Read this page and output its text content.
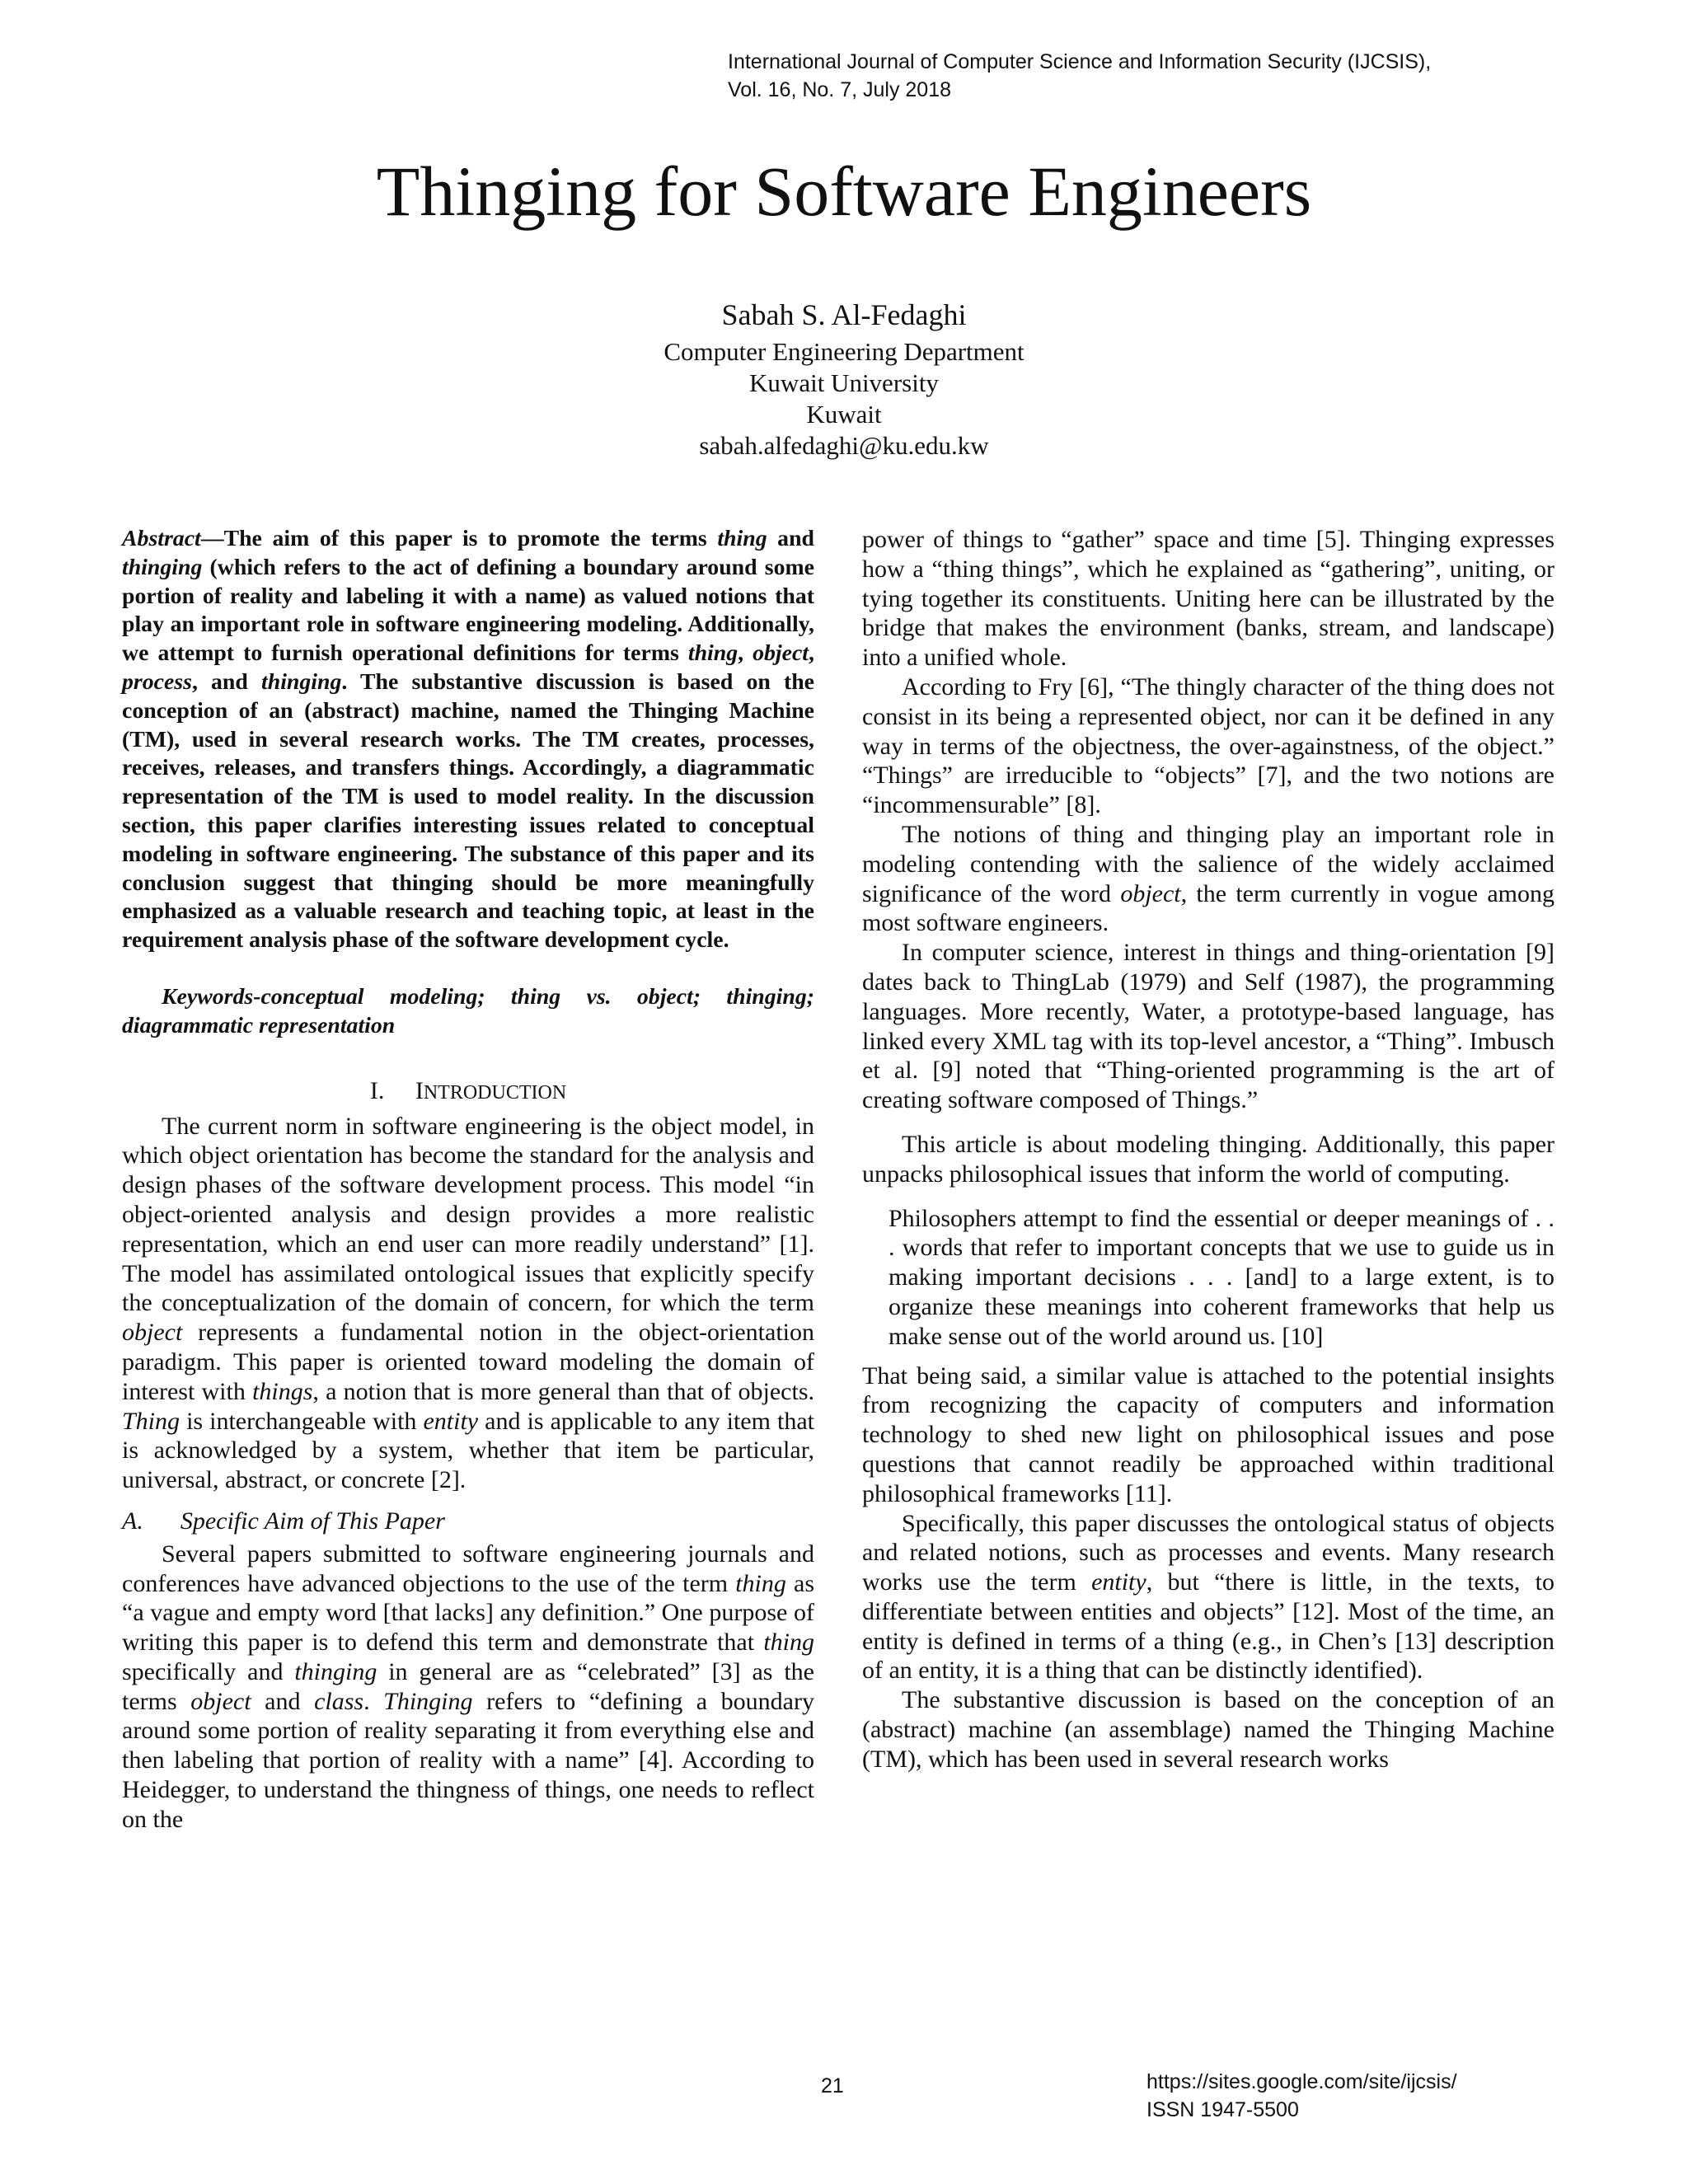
International Journal of Computer Science and Information Security (IJCSIS),
Vol. 16, No. 7, July 2018
Thinging for Software Engineers
Sabah S. Al-Fedaghi
Computer Engineering Department
Kuwait University
Kuwait
sabah.alfedaghi@ku.edu.kw

Abstract—The aim of this paper is to promote the terms thing and thinging (which refers to the act of defining a boundary around some portion of reality and labeling it with a name) as valued notions that play an important role in software engineering modeling. Additionally, we attempt to furnish operational definitions for terms thing, object, process, and thinging. The substantive discussion is based on the conception of an (abstract) machine, named the Thinging Machine (TM), used in several research works. The TM creates, processes, receives, releases, and transfers things. Accordingly, a diagrammatic representation of the TM is used to model reality. In the discussion section, this paper clarifies interesting issues related to conceptual modeling in software engineering. The substance of this paper and its conclusion suggest that thinging should be more meaningfully emphasized as a valuable research and teaching topic, at least in the requirement analysis phase of the software development cycle.

Keywords-conceptual modeling; thing vs. object; thinging; diagrammatic representation

I. INTRODUCTION

The current norm in software engineering is the object model, in which object orientation has become the standard for the analysis and design phases of the software development process. This model “in object-oriented analysis and design provides a more realistic representation, which an end user can more readily understand” [1]. The model has assimilated ontological issues that explicitly specify the conceptualization of the domain of concern, for which the term object represents a fundamental notion in the object-orientation paradigm. This paper is oriented toward modeling the domain of interest with things, a notion that is more general than that of objects. Thing is interchangeable with entity and is applicable to any item that is acknowledged by a system, whether that item be particular, universal, abstract, or concrete [2].

A. Specific Aim of This Paper

Several papers submitted to software engineering journals and conferences have advanced objections to the use of the term thing as “a vague and empty word [that lacks] any definition.” One purpose of writing this paper is to defend this term and demonstrate that thing specifically and thinging in general are as “celebrated” [3] as the terms object and class. Thinging refers to “defining a boundary around some portion of reality separating it from everything else and then labeling that portion of reality with a name” [4]. According to Heidegger, to understand the thingness of things, one needs to reflect on the

power of things to “gather” space and time [5]. Thinging expresses how a “thing things”, which he explained as “gathering”, uniting, or tying together its constituents. Uniting here can be illustrated by the bridge that makes the environment (banks, stream, and landscape) into a unified whole.

According to Fry [6], “The thingly character of the thing does not consist in its being a represented object, nor can it be defined in any way in terms of the objectness, the over-againstness, of the object.” “Things” are irreducible to “objects” [7], and the two notions are “incommensurable” [8].

The notions of thing and thinging play an important role in modeling contending with the salience of the widely acclaimed significance of the word object, the term currently in vogue among most software engineers.

In computer science, interest in things and thing-orientation [9] dates back to ThingLab (1979) and Self (1987), the programming languages. More recently, Water, a prototype-based language, has linked every XML tag with its top-level ancestor, a “Thing”. Imbusch et al. [9] noted that “Thing-oriented programming is the art of creating software composed of Things.”

This article is about modeling thinging. Additionally, this paper unpacks philosophical issues that inform the world of computing.

Philosophers attempt to find the essential or deeper meanings of . . . words that refer to important concepts that we use to guide us in making important decisions . . . [and] to a large extent, is to organize these meanings into coherent frameworks that help us make sense out of the world around us. [10]

That being said, a similar value is attached to the potential insights from recognizing the capacity of computers and information technology to shed new light on philosophical issues and pose questions that cannot readily be approached within traditional philosophical frameworks [11].

Specifically, this paper discusses the ontological status of objects and related notions, such as processes and events. Many research works use the term entity, but “there is little, in the texts, to differentiate between entities and objects” [12]. Most of the time, an entity is defined in terms of a thing (e.g., in Chen’s [13] description of an entity, it is a thing that can be distinctly identified).

The substantive discussion is based on the conception of an (abstract) machine (an assemblage) named the Thinging Machine (TM), which has been used in several research works

21	https://sites.google.com/site/ijcsis/
ISSN 1947-5500
